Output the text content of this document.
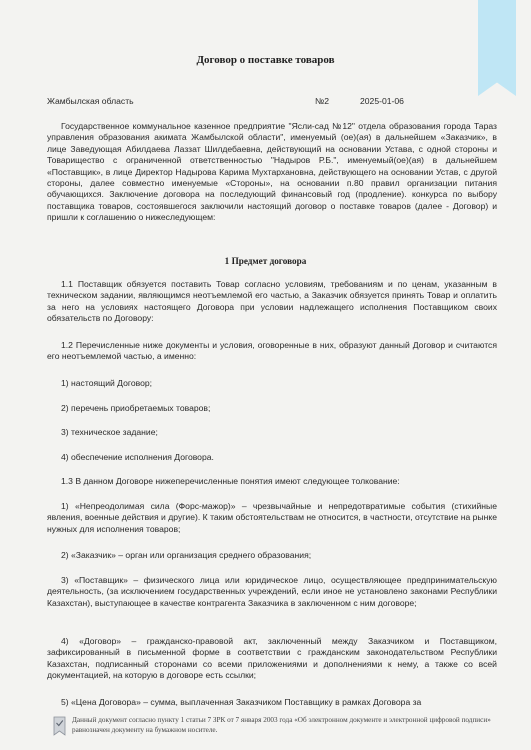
Договор о поставке товаров
Жамбылская область	№2	2025-01-06
Государственное коммунальное казенное предприятие "Ясли-сад №12" отдела образования города Тараз управления образования акимата Жамбылской области", именуемый (ое)(ая) в дальнейшем «Заказчик», в лице Заведующая Абилдаева Лаззат Шилдебаевна, действующий на основании Устава, с одной стороны и Товарищество с ограниченной ответственностью "Надыров Р.Б.", именуемый(ое)(ая) в дальнейшем «Поставщик», в лице Директор Надырова Карима Мухтархановна, действующего на основании Устав, с другой стороны, далее совместно именуемые «Стороны», на основании п.80 правил организации питания обучающихся. Заключение договора на последующий финансовый год (продление). конкурса по выбору поставщика товаров, состоявшегося заключили настоящий договор о поставке товаров (далее - Договор) и пришли к соглашению о нижеследующем:
1 Предмет договора
1.1 Поставщик обязуется поставить Товар согласно условиям, требованиям и по ценам, указанным в техническом задании, являющимся неотъемлемой его частью, а Заказчик обязуется принять Товар и оплатить за него на условиях настоящего Договора при условии надлежащего исполнения Поставщиком своих обязательств по Договору:
1.2 Перечисленные ниже документы и условия, оговоренные в них, образуют данный Договор и считаются его неотъемлемой частью, а именно:
1) настоящий Договор;
2) перечень приобретаемых товаров;
3) техническое задание;
4) обеспечение исполнения Договора.
1.3 В данном Договоре нижеперечисленные понятия имеют следующее толкование:
1) «Непреодолимая сила (Форс-мажор)» – чрезвычайные и непредотвратимые события (стихийные явления, военные действия и другие). К таким обстоятельствам не относится, в частности, отсутствие на рынке нужных для исполнения товаров;
2) «Заказчик» – орган или организация среднего образования;
3) «Поставщик» – физического лица или юридическое лицо, осуществляющее предпринимательскую деятельность, (за исключением государственных учреждений, если иное не установлено законами Республики Казахстан), выступающее в качестве контрагента Заказчика в заключенном с ним договоре;
4) «Договор» – гражданско-правовой акт, заключенный между Заказчиком и Поставщиком, зафиксированный в письменной форме в соответствии с гражданским законодательством Республики Казахстан, подписанный сторонами со всеми приложениями и дополнениями к нему, а также со всей документацией, на которую в договоре есть ссылки;
5) «Цена Договора» – сумма, выплаченная Заказчиком Поставщику в рамках Договора за
Данный документ согласно пункту 1 статьи 7 ЗРК от 7 января 2003 года «Об электронном документе и электронной цифровой подписи» равнозначен документу на бумажном носителе.
